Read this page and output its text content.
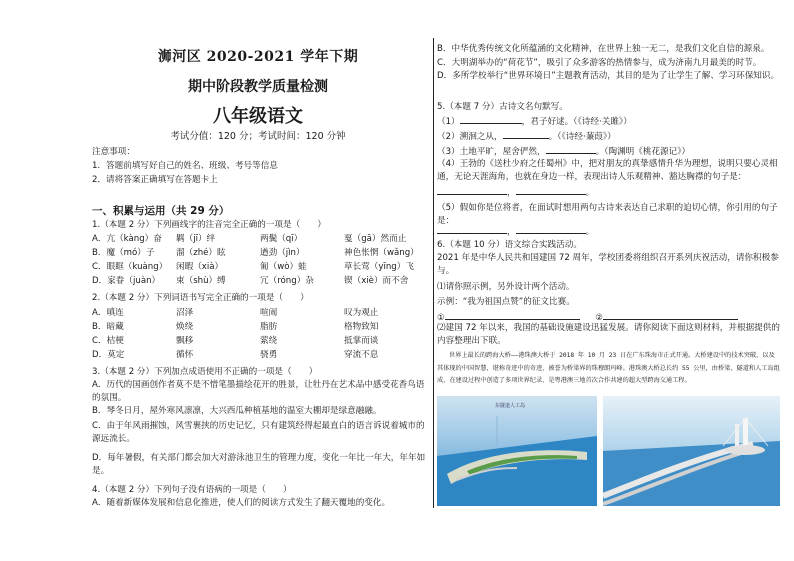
浉河区 2020-2021 学年下期
期中阶段教学质量检测
八年级语文
考试分值：120 分；考试时间：120 分钟
注意事项：
1．答题前填写好自己的姓名、班级、考号等信息
2．请将答案正确填写在答题卡上
一、积累与运用（共 29 分）
1.（本题 2 分）下列画线字的注音完全正确的一项是（　　）
A．亢（kàng）奋	羁（jī）绊	两鬓（qī）	戛（gā）然而止
B．魔（mó）子	溜（zhé）眩	遒劲（jìn）	神色怅惘（wǎng）
C．眼眶（kuàng）	闲暇（xià）	匍（wò）蛙	草长莺（yīng）飞
D．家眷（juàn）	束（shù）缚	冗（róng）杂	锲（xiè）而不舍
2.（本题 2 分）下列词语书写完全正确的一项是（　　）
A．嗔连	沼泽	喧闹	叹为观止
B．暗藏	焕绕	脂肪	格物致知
C．桔梗	飘移	萦绕	抵掌而谈
D．莫定	循怀	骁勇	穿流不息
3.（本题 2 分）下列加点成语使用不正确的一项是（　　）
A．历代的国画创作者莫不是不惜笔墨描绘花开的胜景，让牡丹在艺术品中感受花香鸟语的氛围。
B．琴冬日月，屋外寒风凛凛，大兴西瓜种植基地的温室大棚却是绿意融融。
C．由于年风雨摧蚀，风雪裹挟的历史记忆，只有建筑经得起最直白的语言诉说着城市的源远流长。
D．每年暑假，有关部门都会加大对游泳池卫生的管理力度，变化一年比一年大，年年如是。
4.（本题 2 分）下列句子没有语病的一项是（　　）
A．随着新媒体发展和信息化推进，使人们的阅读方式发生了翻天覆地的变化。
B．中华优秀传统文化所蕴涵的文化精神，在世界上独一无二，是我们文化自信的源泉。
C．大明湖举办的“荷花节”，吸引了众多游客的热情参与，成为济南九月最美的时节。
D．多所学校举行“世界环境日”主题教育活动，其目的是为了让学生了解、学习环保知识。
5.（本题 7 分）古诗文名句默写。
（1）	，君子好逑。（《诗经·关雎》）
（2）溯洄之从，	。（《诗经·蒹葭》）
（3）土地平旷，屋舍俨然，	。（陶渊明《桃花源记》）
（4）王勃的《送杜少府之任蜀州》中，把对朋友的真挚感情升华为理想，说明只要心灵相通，无论天涯海角，也就在身边一样，表现出诗人乐观精神、豁达胸襟的句子是：
，	。
（5）假如你是位将者，在面试时想用两句古诗来表达自己求职的迫切心情，你引用的句子是：
，	。
6.（本题 10 分）语文综合实践活动。
2021 年是中华人民共和国建国 72 周年，学校团委将组织召开系列庆祝活动，请你积极参与。
⑴请你照示例，另外设计两个活动。
示例：“我为祖国点赞”的征文比赛。
①	②
⑵建国 72 年以来，我国的基础设施建设迅猛发展。请你阅读下面这则材料，并根据提供的内容整理出下联。
世界上最长的跨海大桥——港珠澳大桥于 2018 年 10 月 23 日在广东珠海市正式开通。大桥建设中的技术突破，以及其体现的中国智慧，堪称奇迹中的奇迹，被誉为桥梁界的珠穆朗玛峰。港珠澳大桥总长约 55 公里，由桥梁、隧道和人工岛组成，在建设过程中创造了多项世界纪录，是粤港澳三地首次合作共建的超大型跨海交通工程。
东隧道人工岛
